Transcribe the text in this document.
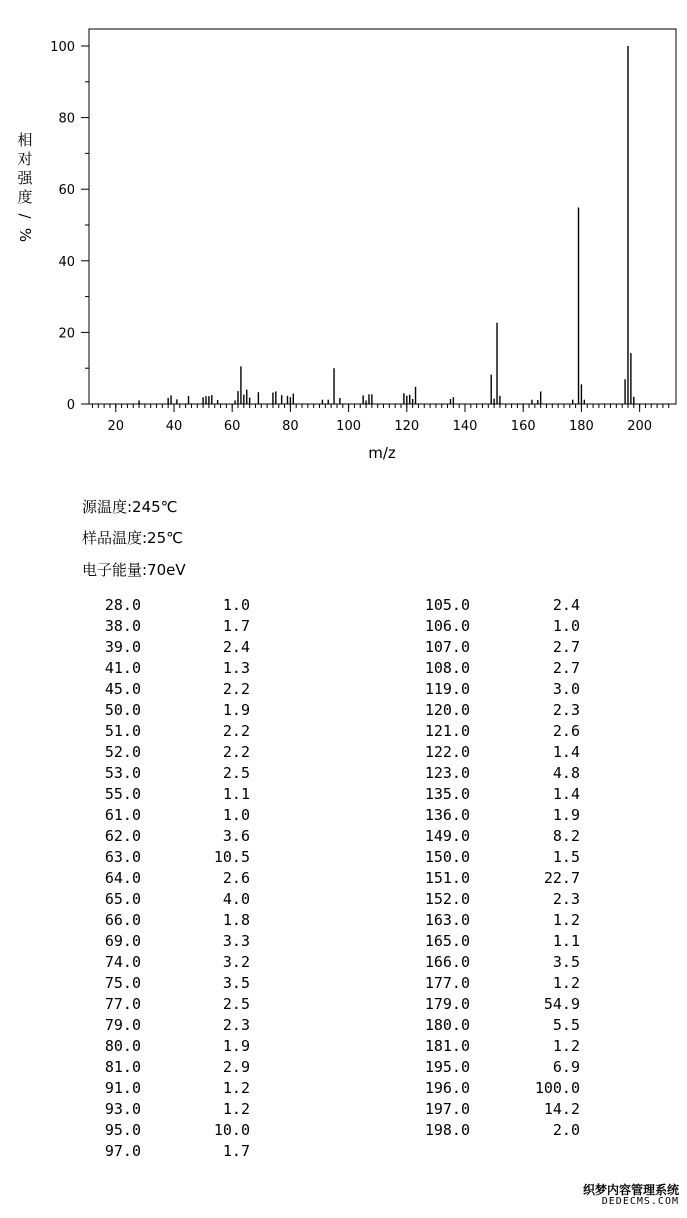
20	40	60	80	100	120	140	160	180	200
0
20
40
60
80
100
m/z
相
对
强
度
/
%
源温度:245℃
样品温度:25℃
电子能量:70eV
28.0	1.0
38.0	1.7
39.0	2.4
41.0	1.3
45.0	2.2
50.0	1.9
51.0	2.2
52.0	2.2
53.0	2.5
55.0	1.1
61.0	1.0
62.0	3.6
63.0	10.5
64.0	2.6
65.0	4.0
66.0	1.8
69.0	3.3
74.0	3.2
75.0	3.5
77.0	2.5
79.0	2.3
80.0	1.9
81.0	2.9
91.0	1.2
93.0	1.2
95.0	10.0
97.0	1.7
105.0	2.4
106.0	1.0
107.0	2.7
108.0	2.7
119.0	3.0
120.0	2.3
121.0	2.6
122.0	1.4
123.0	4.8
135.0	1.4
136.0	1.9
149.0	8.2
150.0	1.5
151.0	22.7
152.0	2.3
163.0	1.2
165.0	1.1
166.0	3.5
177.0	1.2
179.0	54.9
180.0	5.5
181.0	1.2
195.0	6.9
196.0	100.0
197.0	14.2
198.0	2.0
织梦内容管理系统
DEDECMS.COM
